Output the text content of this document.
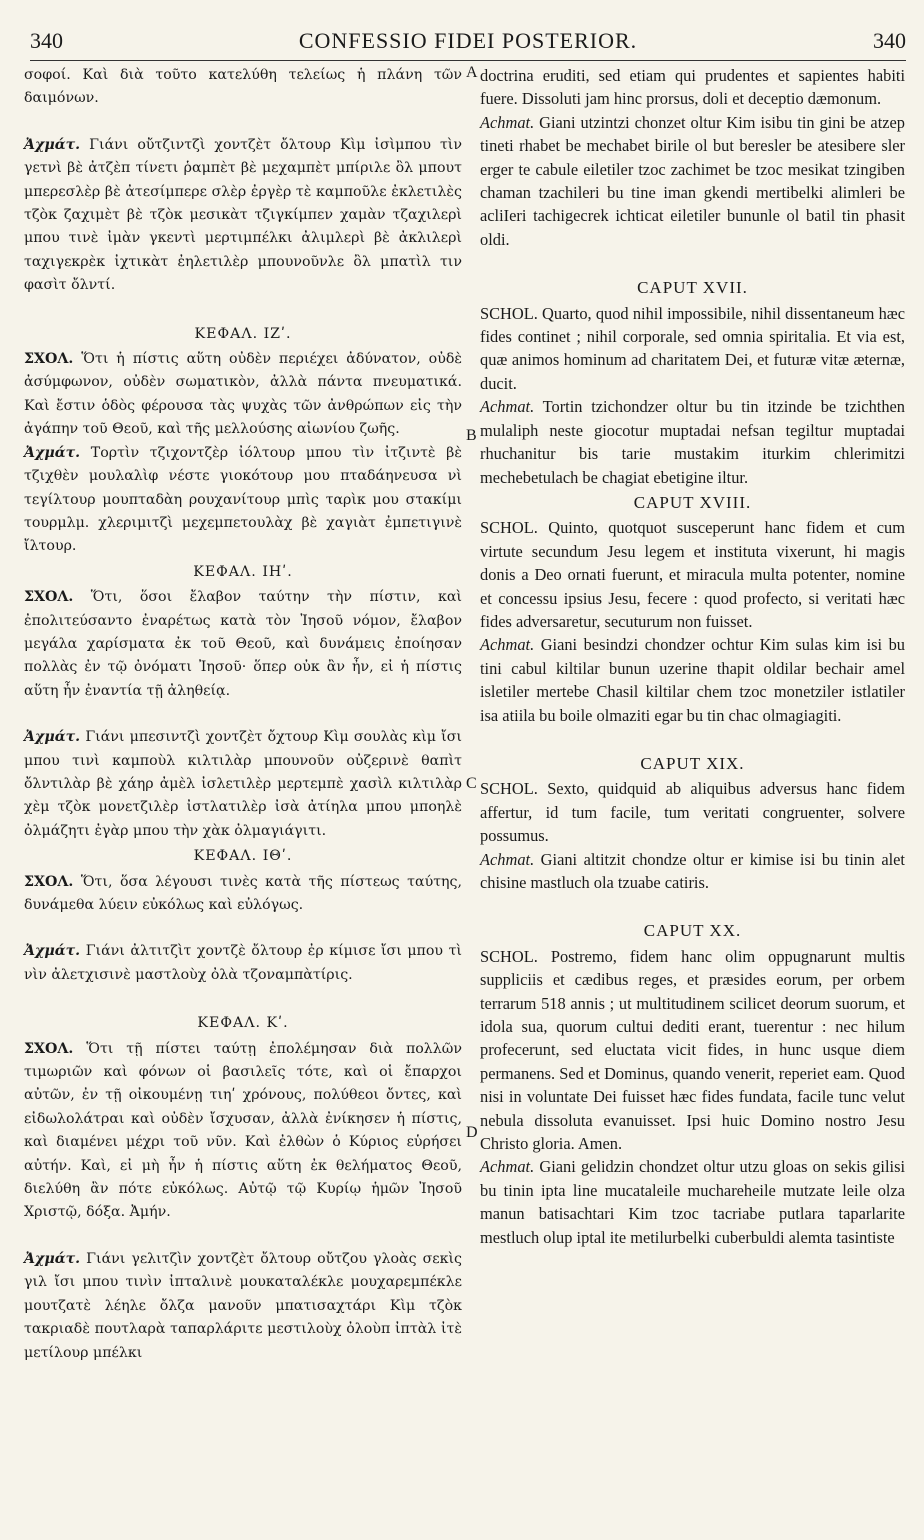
340	CONFESSIO FIDEI POSTERIOR.	340
A
B
C
D

σοφοί. Καὶ διὰ τοῦτο κατελύθη τελείως ἡ πλάνη τῶν δαιμόνων.

Ἀχμάτ. Γιάνι οὔτζιντζὶ χοντζὲτ ὄλτουρ Κὶμ ἰσὶμπου τὶν γετνὶ βὲ ἀτζὲπ τίνετι ῥαμπὲτ βὲ μεχαμπὲτ μπίριλε ὂλ μπουτ μπερεσλὲρ βὲ ἀτεσίμπερε σλὲρ ἐργὲρ τὲ καμποῦλε ἐκλετιλὲς τζὸκ ζαχιμὲτ βὲ τζὸκ μεσικὰτ τζιγκίμπεν χαμὰν τζαχιλερὶ μπου τινὲ ἰμὰν γκεντὶ μερτιμπέλκι ἀλιμλερὶ βὲ ἀκλιλερὶ ταχιγεκρὲκ ἰχτικὰτ ἐηλετιλὲρ μπουνοῦνλε ὂλ μπατὶλ τιν φασὶτ ὄλντί.

ΚΕΦΑΛ. ΙΖʹ.

ΣΧΟΛ. Ὅτι ἡ πίστις αὕτη οὐδὲν περιέχει ἀδύνατον, οὐδὲ ἀσύμφωνον, οὐδὲν σωματικὸν, ἀλλὰ πάντα πνευματικά. Καὶ ἔστιν ὁδὸς φέρουσα τὰς ψυχὰς τῶν ἀνθρώπων εἰς τὴν ἀγάπην τοῦ Θεοῦ, καὶ τῆς μελλούσης αἰωνίου ζωῆς.

Ἀχμάτ. Τορτὶν τζιχοντζὲρ ἰόλτουρ μπου τὶν ἰτζιντὲ βὲ τζιχθὲν μουλαλὶφ νέστε γιοκότουρ μου πταδάηνευσα νὶ τεγίλτουρ μουπταδὰη ρουχανίτουρ μπὶς ταρὶκ μου στακίμι τουρμλμ. χλεριμιτζὶ μεχεμπετουλὰχ βὲ χαγιὰτ ἐμπετιγινὲ ἴλτουρ.

ΚΕΦΑΛ. ΙΗʹ.

ΣΧΟΛ. Ὅτι, ὅσοι ἔλαβον ταύτην τὴν πίστιν, καὶ ἐπολιτεύσαντο ἐναρέτως κατὰ τὸν Ἰησοῦ νόμον, ἔλαβον μεγάλα χαρίσματα ἐκ τοῦ Θεοῦ, καὶ δυνάμεις ἐποίησαν πολλὰς ἐν τῷ ὀνόματι Ἰησοῦ· ὅπερ οὐκ ἂν ἦν, εἰ ἡ πίστις αὕτη ἦν ἐναντία τῇ ἀληθείᾳ.

Ἀχμάτ. Γιάνι μπεσιντζὶ χοντζὲτ ὄχτουρ Κὶμ σουλὰς κὶμ ἴσι μπου τινὶ καμποὺλ κιλτιλὰρ μπουνοῦν οὐζερινὲ θαπὶτ ὄλντιλὰρ βὲ χάηρ ἀμὲλ ἰσλετιλὲρ μερτεμπὲ χασὶλ κιλτιλὰρ χὲμ τζὸκ μονετζιλὲρ ἰστλατιλὲρ ἰσὰ ἀτίηλα μπου μποηλὲ ὀλμάζητι ἐγὰρ μπου τὴν χὰκ ὀλμαγιάγιτι.

ΚΕΦΑΛ. ΙΘʹ.

ΣΧΟΛ. Ὅτι, ὅσα λέγουσι τινὲς κατὰ τῆς πίστεως ταύτης, δυνάμεθα λύειν εὐκόλως καὶ εὐλόγως.

Ἀχμάτ. Γιάνι ἀλτιτζὶτ χοντζὲ ὄλτουρ ἐρ κίμισε ἴσι μπου τὶ νὶν ἀλετχισινὲ μαστλοὺχ ὀλὰ τζοναμπὰτίρις.

ΚΕΦΑΛ. Κʹ.

ΣΧΟΛ. Ὅτι τῇ πίστει ταύτῃ ἐπολέμησαν διὰ πολλῶν τιμωριῶν καὶ φόνων οἱ βασιλεῖς τότε, καὶ οἱ ἔπαρχοι αὐτῶν, ἐν τῇ οἰκουμένῃ τιηʹ χρόνους, πολύθεοι ὄντες, καὶ εἰδωλολάτραι καὶ οὐδὲν ἴσχυσαν, ἀλλὰ ἐνίκησεν ἡ πίστις, καὶ διαμένει μέχρι τοῦ νῦν. Καὶ ἐλθὼν ὁ Κύριος εὑρήσει αὐτήν. Καὶ, εἰ μὴ ἦν ἡ πίστις αὕτη ἐκ θελήματος Θεοῦ, διελύθη ἂν πότε εὐκόλως. Αὐτῷ τῷ Κυρίῳ ἡμῶν Ἰησοῦ Χριστῷ, δόξα. Ἀμήν.

Ἀχμάτ. Γιάνι γελιτζὶν χοντζὲτ ὄλτουρ οὔτζου γλοὰς σεκὶς γιλ ἴσι μπου τινὶν ἰπταλινὲ μουκαταλέκλε μουχαρεμπέκλε μουτζατὲ λέηλε ὄλζα μανοῦν μπατισαχτάρι Κὶμ τζὸκ τακριαδὲ πουτλαρὰ ταπαρλάριτε μεστιλοὺχ ὀλοὺπ ἰπτὰλ ἰτὲ μετίλουρ μπέλκι

doctrina eruditi, sed etiam qui prudentes et sapientes habiti fuere. Dissoluti jam hinc prorsus, doli et deceptio dæmonum.

Achmat. Giani utzintzi chonzet oltur Kim isibu tin gini be atzep tineti rhabet be mechabet birile ol but beresler be atesibere sler erger te cabule eiletiler tzoc zachimet be tzoc mesikat tzingiben chaman tzachileri bu tine iman gkendi mertibelki alimleri be acliIeri tachigecrek ichticat eiletiler bununle ol batil tin phasit oldi.

CAPUT XVII.

SCHOL. Quarto, quod nihil impossibile, nihil dissentaneum hæc fides continet ; nihil corporale, sed omnia spiritalia. Et via est, quæ animos hominum ad charitatem Dei, et futuræ vitæ æternæ, ducit.

Achmat. Tortin tzichondzer oltur bu tin itzinde be tzichthen mulaliph neste giocotur muptadai nefsan tegiltur muptadai rhuchanitur bis tarie mustakim iturkim chlerimitzi mechebetulach be chagiat ebetigine iltur.

CAPUT XVIII.

SCHOL. Quinto, quotquot susceperunt hanc fidem et cum virtute secundum Jesu legem et instituta vixerunt, hi magis donis a Deo ornati fuerunt, et miracula multa potenter, nomine et concessu ipsius Jesu, fecere : quod profecto, si veritati hæc fides adversaretur, secuturum non fuisset.

Achmat. Giani besindzi chondzer ochtur Kim sulas kim isi bu tini cabul kiltilar bunun uzerine thapit oldilar bechair amel isletiler mertebe Chasil kiltilar chem tzoc monetziler istlatiler isa atiila bu boile olmaziti egar bu tin chac olmagiagiti.

CAPUT XIX.

SCHOL. Sexto, quidquid ab aliquibus adversus hanc fidem affertur, id tum facile, tum veritati congruenter, solvere possumus.

Achmat. Giani altitzit chondze oltur er kimise isi bu tinin alet chisine mastluch ola tzuabe catiris.

CAPUT XX.

SCHOL. Postremo, fidem hanc olim oppugnarunt multis suppliciis et cædibus reges, et præsides eorum, per orbem terrarum 518 annis ; ut multitudinem scilicet deorum suorum, et idola sua, quorum cultui dediti erant, tuerentur : nec hilum profecerunt, sed eluctata vicit fides, in hunc usque diem permanens. Sed et Dominus, quando venerit, reperiet eam. Quod nisi in voluntate Dei fuisset hæc fides fundata, facile tunc velut nebula dissoluta evanuisset. Ipsi huic Domino nostro Jesu Christo gloria. Amen.

Achmat. Giani gelidzin chondzet oltur utzu gloas on sekis gilisi bu tinin ipta line mucataleile muchareheile mutzate leile olza manun batisachtari Kim tzoc tacriabe putlara taparlarite mestluch olup iptal ite metilurbelki cuberbuldi alemta tasintiste
